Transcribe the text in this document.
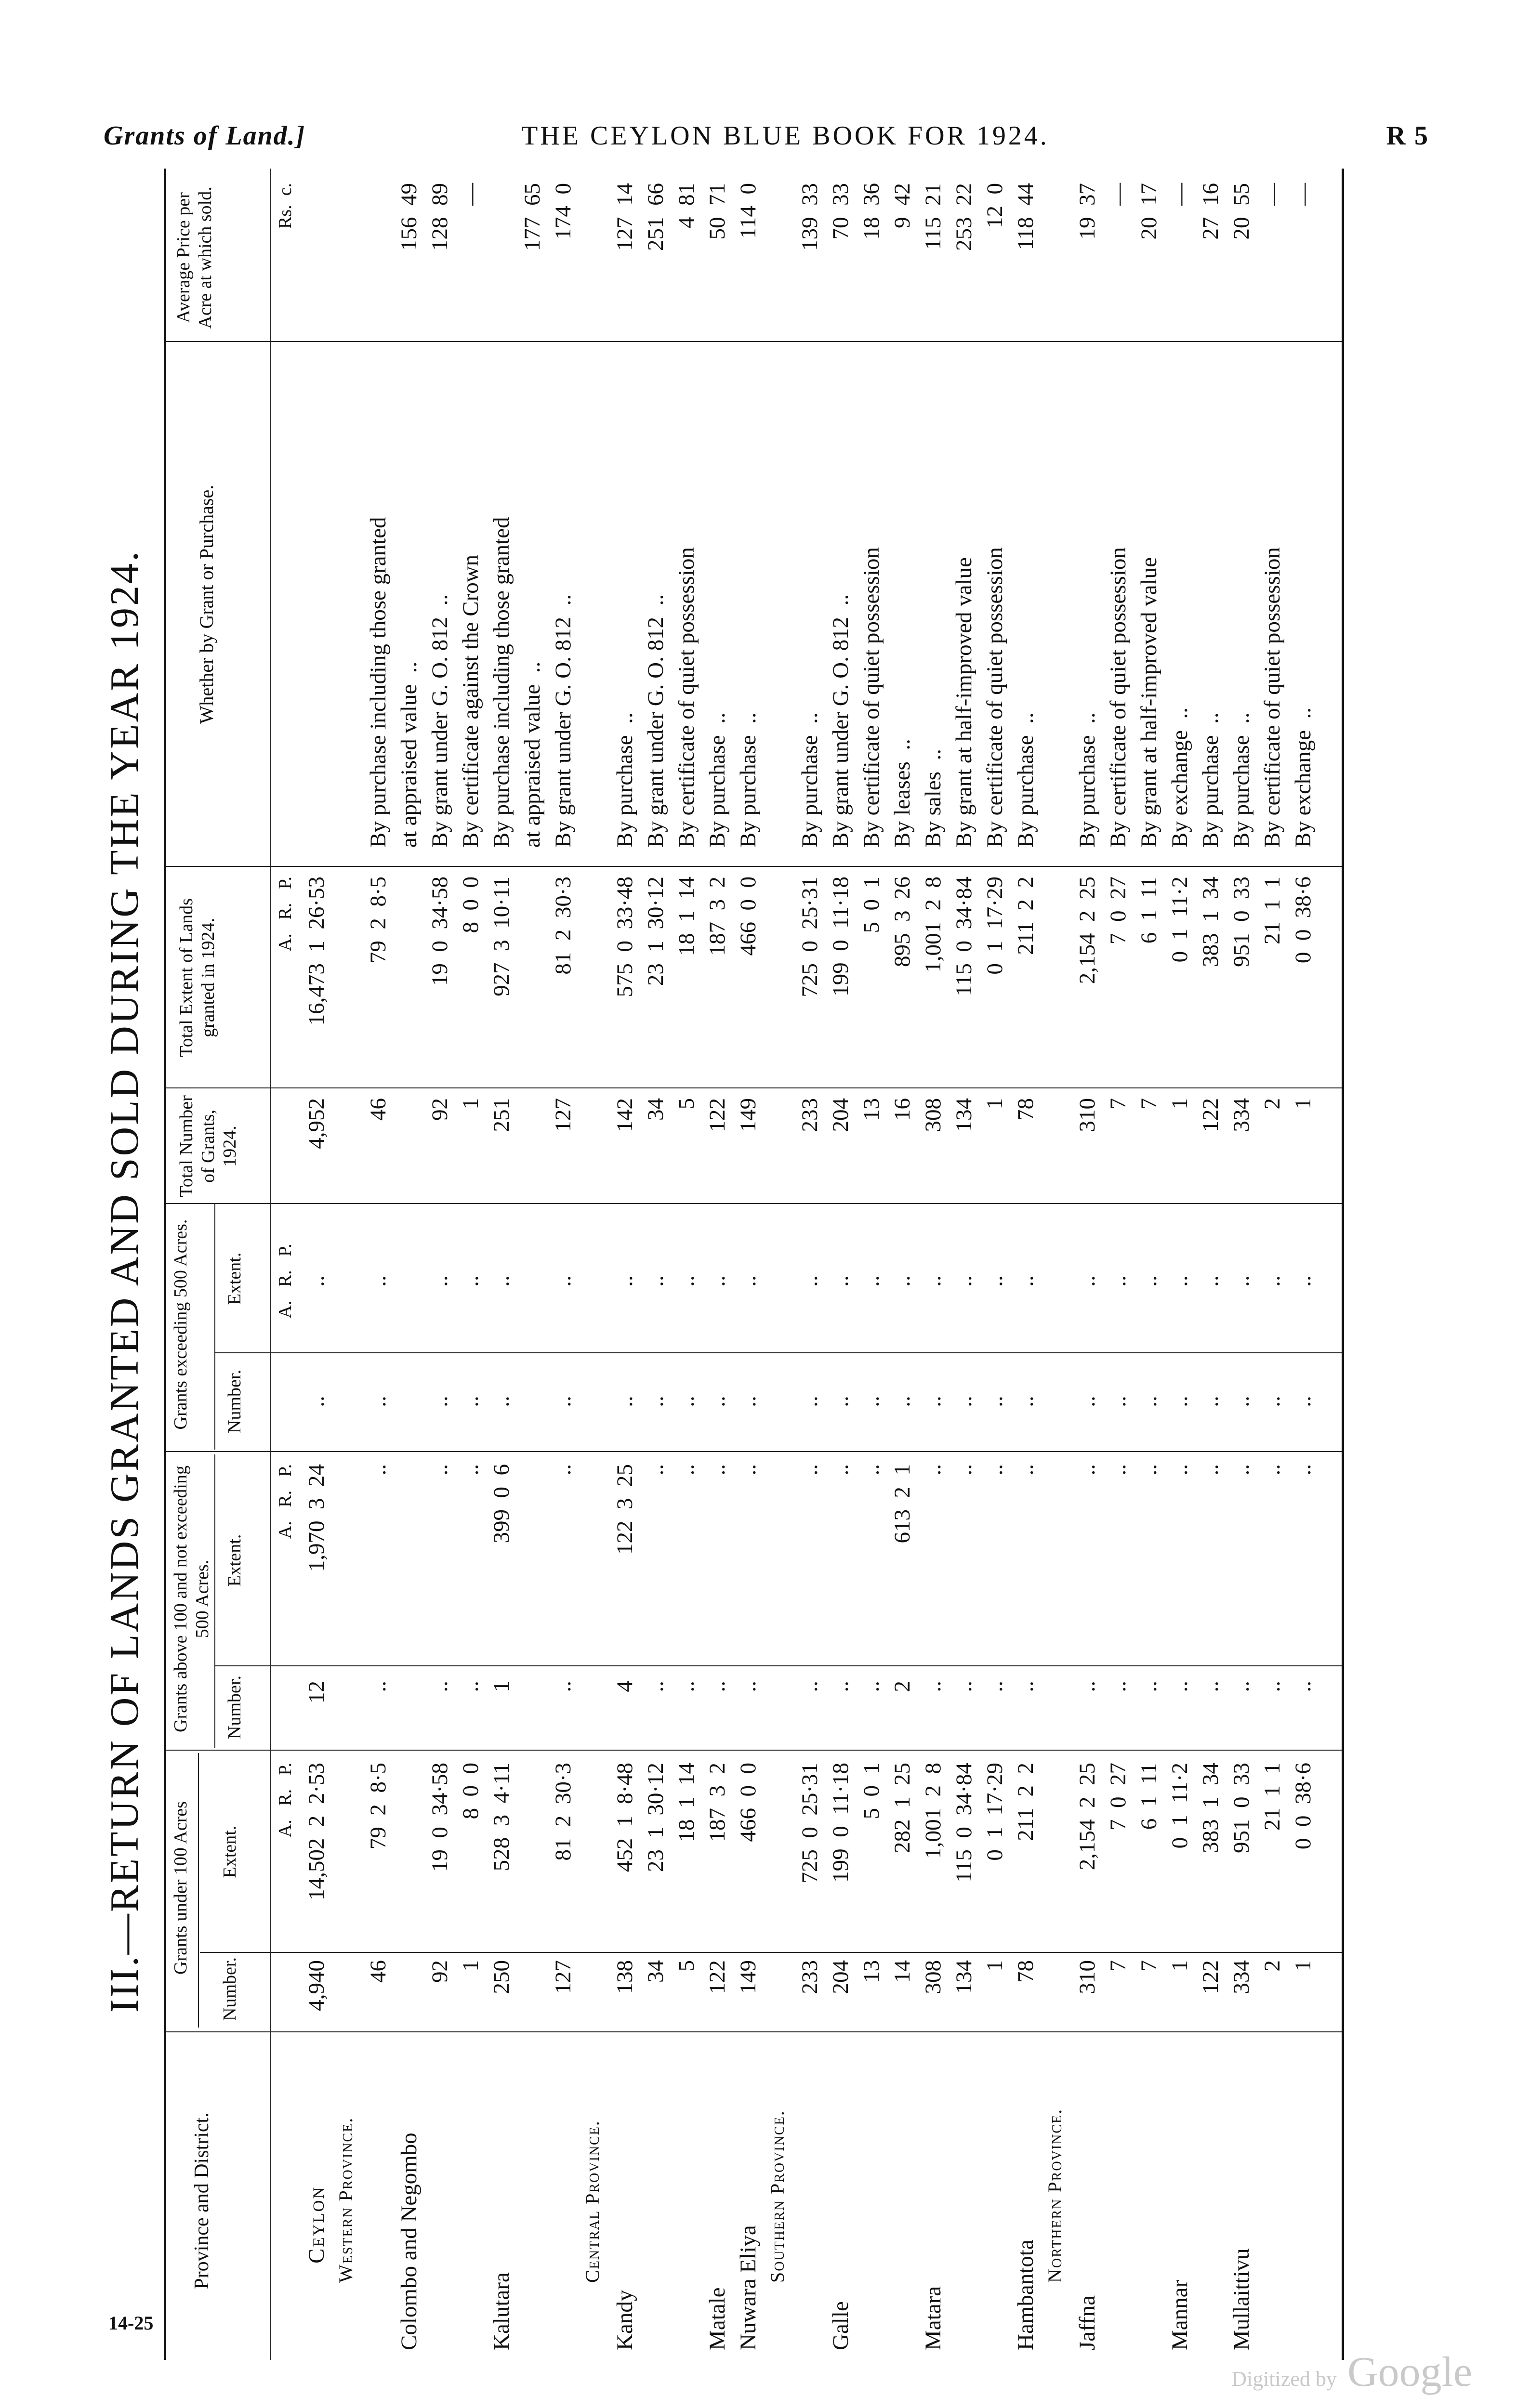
Grants of Land.]	THE CEYLON BLUE BOOK FOR 1924.	R 5
III.—RETURN OF LANDS GRANTED AND SOLD DURING THE YEAR 1924.
Province and District.
Grants under 100 Acres
Number.
Extent.
Grants above 100 and not exceeding 500 Acres.
Number.
Extent.
Grants exceeding 500 Acres. Number.
Extent.
Total Number of Grants, 1924.
Total Extent of Lands granted in 1924.
Whether by Grant or Purchase.
Average Price per Acre at which sold.
A.   R.   P.
A.   R.   P.
A.   R.   P.
A.   R.   P.
Rs.  c.
Ceylon
4,940
14,502  2  2·53
12
1,970  3  24
..
..
4,952
16,473  1  26·53
Western Province.
46
79  2  8·5
..
..
..
..
46
79  2  8·5
By purchase including those granted
Colombo and Negombo
at appraised value  ..
156  49
92
19  0  34·58
..
..
..
..
92
19  0  34·58
By grant under G. O. 812  ..
128  89
1
8  0  0
..
..
..
..
1
8  0  0
By certificate against the Crown
—
Kalutara
250
528  3  4·11
1
399  0  6
..
..
251
927  3  10·11
By purchase including those granted at appraised value  ..
177  65
127
81  2  30·3
..
..
..
..
127
81  2  30·3
By grant under G. O. 812  ..
174  0
Central Province.
Kandy
138
452  1  8·48
4
122  3  25
..
..
142
575  0  33·48
By purchase  ..
127  14
34
23  1  30·12
..
..
..
..
34
23  1  30·12
By grant under G. O. 812  ..
251  66
5
18  1  14
..
..
..
..
5
18  1  14
By certificate of quiet possession
4  81
Matale
122
187  3  2
..
..
..
..
122
187  3  2
By purchase  ..
50  71
Nuwara Eliya
149
466  0  0
..
..
..
..
149
466  0  0
By purchase  ..
114  0
Southern Province.
233
725  0  25·31
..
..
..
..
233
725  0  25·31
By purchase  ..
139  33
Galle
204
199  0  11·18
..
..
..
..
204
199  0  11·18
By grant under G. O. 812  ..
70  33
13
5  0  1
..
..
..
..
13
5  0  1
By certificate of quiet possession
18  36
14
282  1  25
2
613  2  1
..
..
16
895  3  26
By leases  ..
9  42
Matara
308
1,001  2  8
..
..
..
..
308
1,001  2  8
By sales  ..
115  21
134
115  0  34·84
..
..
..
..
134
115  0  34·84
By grant at half-improved value
253  22
1
0  1  17·29
..
..
..
..
1
0  1  17·29
By certificate of quiet possession
12  0
Hambantota
78
211  2  2
..
..
..
..
78
211  2  2
By purchase  ..
118  44
Northern Province.
Jaffna
310
2,154  2  25
..
..
..
..
310
2,154  2  25
By purchase  ..
19  37
7
7  0  27
..
..
..
..
7
7  0  27
By certificate of quiet possession
—
7
6  1  11
..
..
..
..
7
6  1  11
By grant at half-improved value
20  17
Mannar
1
0  1  11·2
..
..
..
..
1
0  1  11·2
By exchange  ..
—
122
383  1  34
..
..
..
..
122
383  1  34
By purchase  ..
27  16
Mullaittivu
334
951  0  33
..
..
..
..
334
951  0  33
By purchase  ..
20  55
2
21  1  1
..
..
..
..
2
21  1  1
By certificate of quiet possession
—
1
0  0  38·6
..
..
..
..
1
0  0  38·6
By exchange  ..
—
14-25
Digitized by Google
